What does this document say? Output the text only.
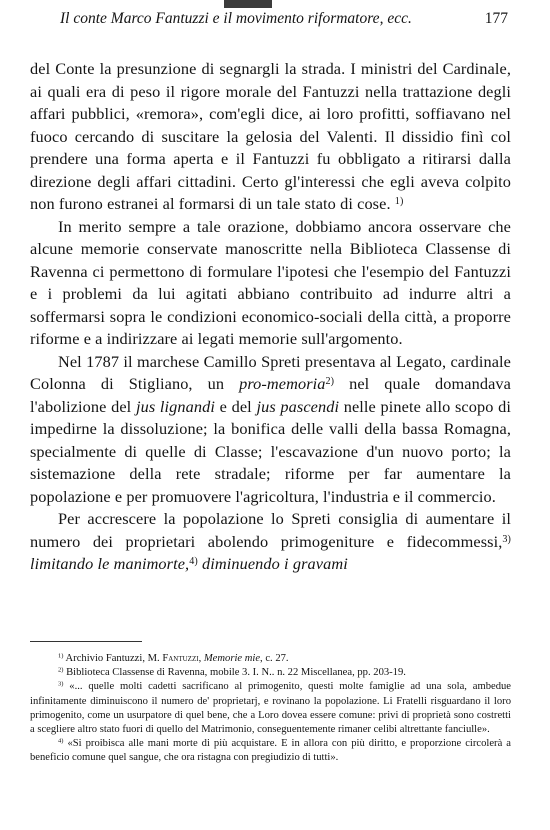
Il conte Marco Fantuzzi e il movimento riformatore, ecc.	177

del Conte la presunzione di segnargli la strada. I ministri del Cardinale, ai quali era di peso il rigore morale del Fantuzzi nella trattazione degli affari pubblici, «remora», com'egli dice, ai loro profitti, soffiavano nel fuoco cercando di suscitare la gelosia del Valenti. Il dissidio finì col prendere una forma aperta e il Fantuzzi fu obbligato a ritirarsi dalla direzione degli affari cittadini. Certo gl'interessi che egli aveva colpito non furono estranei al formarsi di un tale stato di cose. $^{1)}$

In merito sempre a tale orazione, dobbiamo ancora osservare che alcune memorie conservate manoscritte nella Biblioteca Classense di Ravenna ci permettono di formulare l'ipotesi che l'esempio del Fantuzzi e i problemi da lui agitati abbiano contribuito ad indurre altri a soffermarsi sopra le condizioni economico-sociali della città, a proporre riforme e a indirizzare ai legati memorie sull'argomento.

Nel 1787 il marchese Camillo Spreti presentava al Legato, cardinale Colonna di Stigliano, un pro-memoria$^{2)}$ nel quale domandava l'abolizione del jus lignandi e del jus pascendi nelle pinete allo scopo di impedirne la dissoluzione; la bonifica delle valli della bassa Romagna, specialmente di quelle di Classe; l'escavazione d'un nuovo porto; la sistemazione della rete stradale; riforme per far aumentare la popolazione e per promuovere l'agricoltura, l'industria e il commercio.

Per accrescere la popolazione lo Spreti consiglia di aumentare il numero dei proprietari abolendo primogeniture e fidecommessi,$^{3)}$ limitando le manimorte,$^{4)}$ diminuendo i gravami

$^{1)}$ Archivio Fantuzzi, M. Fantuzzi, Memorie mie, c. 27.

$^{2)}$ Biblioteca Classense di Ravenna, mobile 3. I. N.. n. 22 Miscellanea, pp. 203-19.

$^{3)}$ «... quelle molti cadetti sacrificano al primogenito, questi molte famiglie ad una sola, ambedue infinitamente diminuiscono il numero de' proprietarj, e rovinano la popolazione. Li Fratelli risguardano il loro primogenito, come un usurpatore di quel bene, che a Loro dovea essere comune: privi di proprietà sono costretti a scegliere altro stato fuori di quello del Matrimonio, conseguentemente rimaner celibi altrettante fanciulle».

$^{4)}$ «Si proibisca alle mani morte di più acquistare. E in allora con più diritto, e proporzione circolerà a beneficio comune quel sangue, che ora ristagna con pregiudizio di tutti».
